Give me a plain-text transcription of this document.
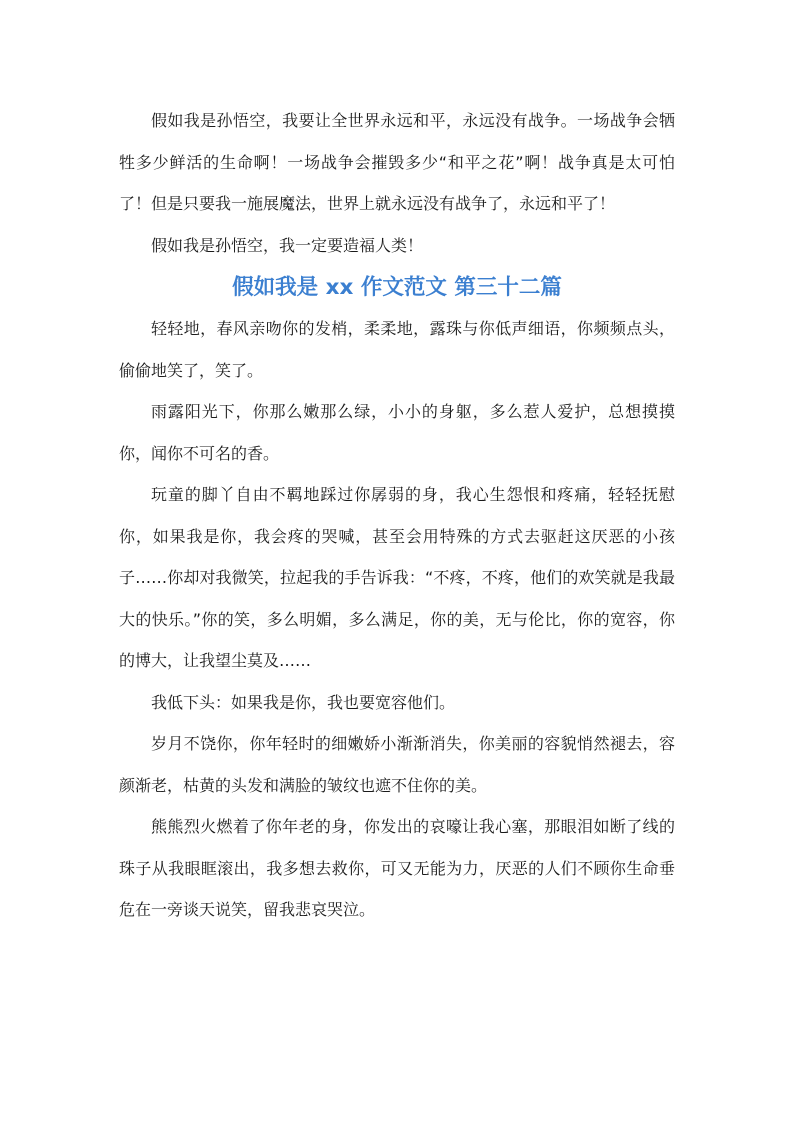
假如我是孙悟空，我要让全世界永远和平，永远没有战争。一场战争会牺牲多少鲜活的生命啊！一场战争会摧毁多少“和平之花”啊！战争真是太可怕了！但是只要我一施展魔法，世界上就永远没有战争了，永远和平了！

假如我是孙悟空，我一定要造福人类！

假如我是 xx 作文范文 第三十二篇

轻轻地，春风亲吻你的发梢，柔柔地，露珠与你低声细语，你频频点头，偷偷地笑了，笑了。

雨露阳光下，你那么嫩那么绿，小小的身躯，多么惹人爱护，总想摸摸你，闻你不可名的香。

玩童的脚丫自由不羁地踩过你孱弱的身，我心生怨恨和疼痛，轻轻抚慰你，如果我是你，我会疼的哭喊，甚至会用特殊的方式去驱赶这厌恶的小孩子……你却对我微笑，拉起我的手告诉我：“不疼，不疼，他们的欢笑就是我最大的快乐。”你的笑，多么明媚，多么满足，你的美，无与伦比，你的宽容，你的博大，让我望尘莫及……

我低下头：如果我是你，我也要宽容他们。

岁月不饶你，你年轻时的细嫩娇小渐渐消失，你美丽的容貌悄然褪去，容颜渐老，枯黄的头发和满脸的皱纹也遮不住你的美。

熊熊烈火燃着了你年老的身，你发出的哀嚎让我心塞，那眼泪如断了线的珠子从我眼眶滚出，我多想去救你，可又无能为力，厌恶的人们不顾你生命垂危在一旁谈天说笑，留我悲哀哭泣。
